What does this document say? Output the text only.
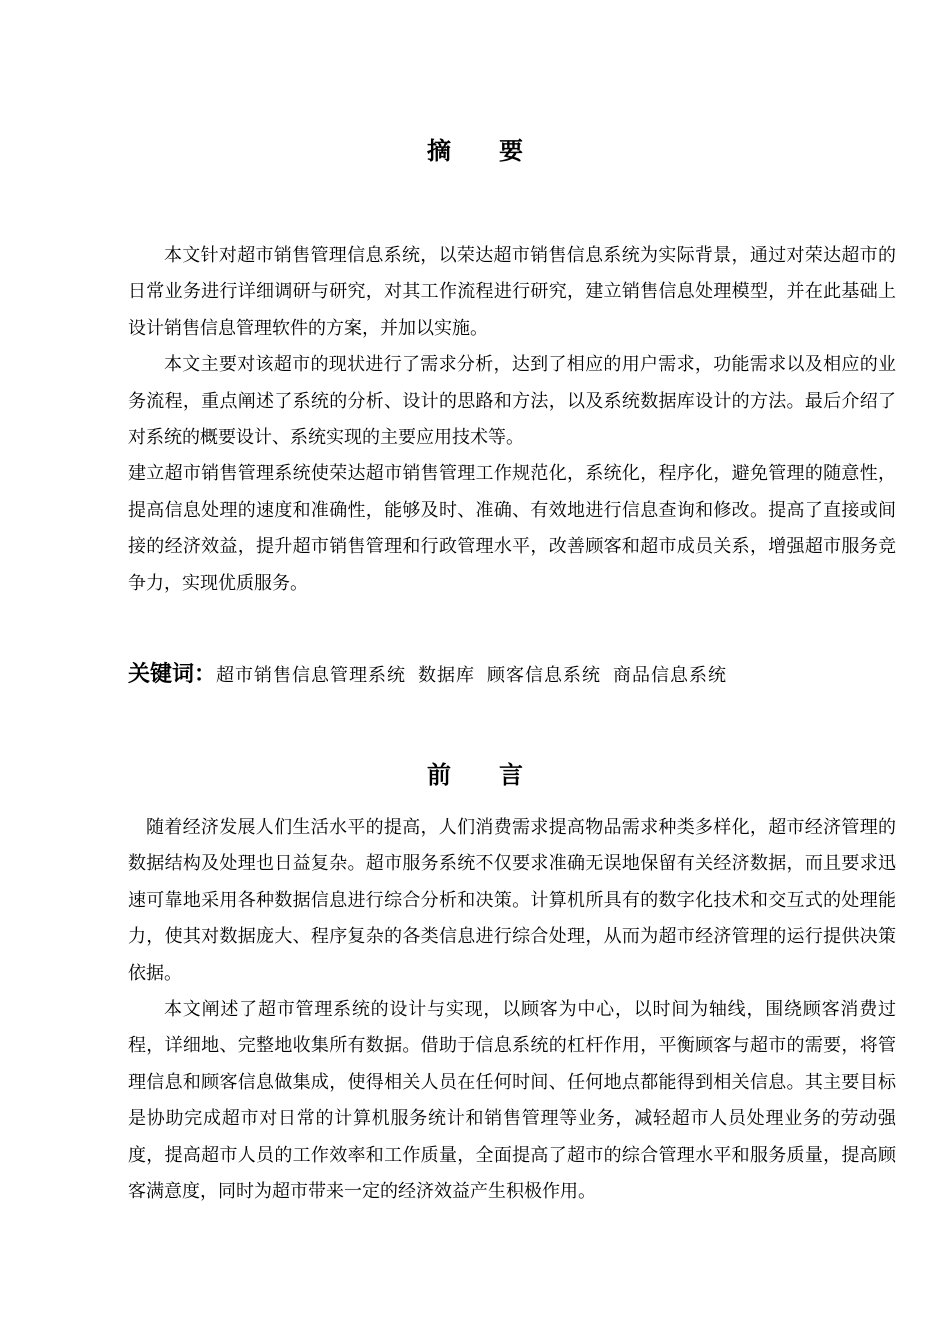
摘 要

本文针对超市销售管理信息系统，以荣达超市销售信息系统为实际背景，通过对荣达超市的日常业务进行详细调研与研究，对其工作流程进行研究，建立销售信息处理模型，并在此基础上设计销售信息管理软件的方案，并加以实施。

本文主要对该超市的现状进行了需求分析，达到了相应的用户需求，功能需求以及相应的业务流程，重点阐述了系统的分析、设计的思路和方法，以及系统数据库设计的方法。最后介绍了对系统的概要设计、系统实现的主要应用技术等。

建立超市销售管理系统使荣达超市销售管理工作规范化，系统化，程序化，避免管理的随意性，提高信息处理的速度和准确性，能够及时、准确、有效地进行信息查询和修改。提高了直接或间接的经济效益，提升超市销售管理和行政管理水平，改善顾客和超市成员关系，增强超市服务竞争力，实现优质服务。

关键词：超市销售信息管理系统 数据库 顾客信息系统 商品信息系统
前 言

随着经济发展人们生活水平的提高，人们消费需求提高物品需求种类多样化，超市经济管理的数据结构及处理也日益复杂。超市服务系统不仅要求准确无误地保留有关经济数据，而且要求迅速可靠地采用各种数据信息进行综合分析和决策。计算机所具有的数字化技术和交互式的处理能力，使其对数据庞大、程序复杂的各类信息进行综合处理，从而为超市经济管理的运行提供决策依据。

本文阐述了超市管理系统的设计与实现，以顾客为中心，以时间为轴线，围绕顾客消费过程，详细地、完整地收集所有数据。借助于信息系统的杠杆作用，平衡顾客与超市的需要，将管理信息和顾客信息做集成，使得相关人员在任何时间、任何地点都能得到相关信息。其主要目标是协助完成超市对日常的计算机服务统计和销售管理等业务，减轻超市人员处理业务的劳动强度，提高超市人员的工作效率和工作质量，全面提高了超市的综合管理水平和服务质量，提高顾客满意度，同时为超市带来一定的经济效益产生积极作用。
